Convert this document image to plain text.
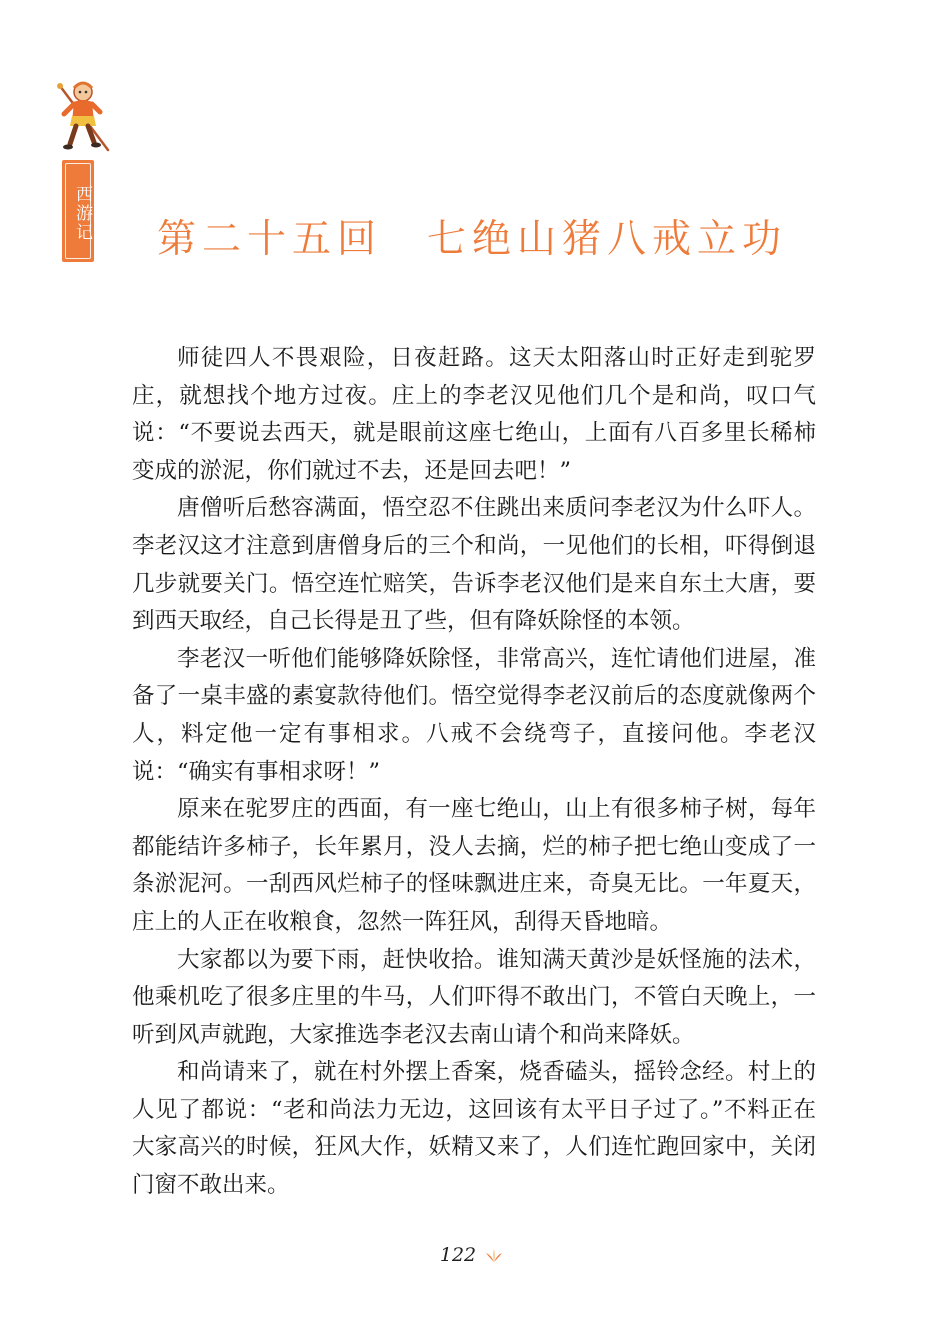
西游记	第二十五回　七绝山猪八戒立功

师徒四人不畏艰险，日夜赶路。这天太阳落山时正好走到驼罗庄，就想找个地方过夜。庄上的李老汉见他们几个是和尚，叹口气说：“不要说去西天，就是眼前这座七绝山，上面有八百多里长稀柿变成的淤泥，你们就过不去，还是回去吧！”

唐僧听后愁容满面，悟空忍不住跳出来质问李老汉为什么吓人。李老汉这才注意到唐僧身后的三个和尚，一见他们的长相，吓得倒退几步就要关门。悟空连忙赔笑，告诉李老汉他们是来自东土大唐，要到西天取经，自己长得是丑了些，但有降妖除怪的本领。

李老汉一听他们能够降妖除怪，非常高兴，连忙请他们进屋，准备了一桌丰盛的素宴款待他们。悟空觉得李老汉前后的态度就像两个人，料定他一定有事相求。八戒不会绕弯子，直接问他。李老汉说：“确实有事相求呀！”

原来在驼罗庄的西面，有一座七绝山，山上有很多柿子树，每年都能结许多柿子，长年累月，没人去摘，烂的柿子把七绝山变成了一条淤泥河。一刮西风烂柿子的怪味飘进庄来，奇臭无比。一年夏天，庄上的人正在收粮食，忽然一阵狂风，刮得天昏地暗。

大家都以为要下雨，赶快收拾。谁知满天黄沙是妖怪施的法术，他乘机吃了很多庄里的牛马，人们吓得不敢出门，不管白天晚上，一听到风声就跑，大家推选李老汉去南山请个和尚来降妖。

和尚请来了，就在村外摆上香案，烧香磕头，摇铃念经。村上的人见了都说：“老和尚法力无边，这回该有太平日子过了。”不料正在大家高兴的时候，狂风大作，妖精又来了，人们连忙跑回家中，关闭门窗不敢出来。

122
